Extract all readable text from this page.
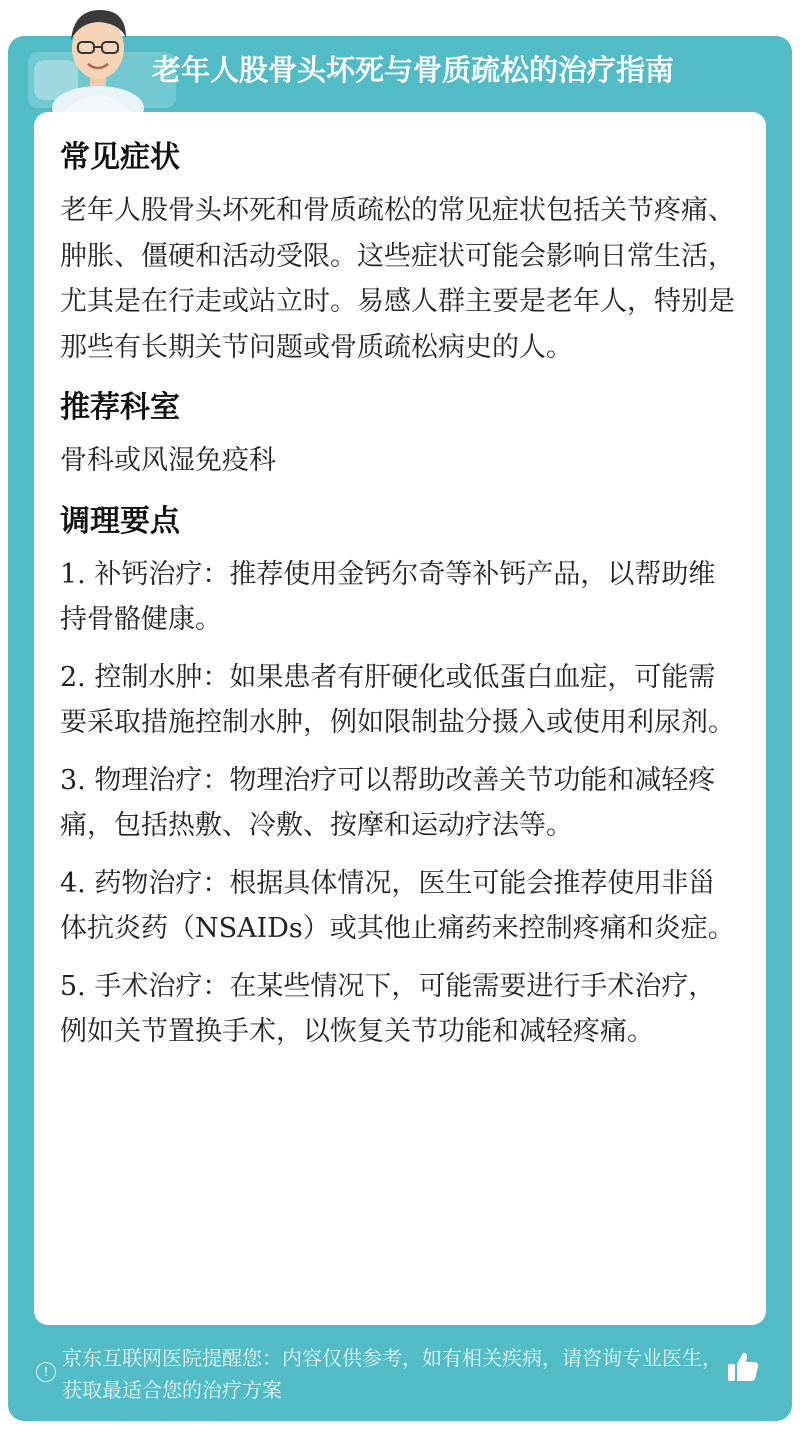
老年人股骨头坏死与骨质疏松的治疗指南
常见症状
老年人股骨头坏死和骨质疏松的常见症状包括关节疼痛、肿胀、僵硬和活动受限。这些症状可能会影响日常生活，尤其是在行走或站立时。易感人群主要是老年人，特别是那些有长期关节问题或骨质疏松病史的人。
推荐科室
骨科或风湿免疫科
调理要点
1. 补钙治疗：推荐使用金钙尔奇等补钙产品，以帮助维持骨骼健康。
2. 控制水肿：如果患者有肝硬化或低蛋白血症，可能需要采取措施控制水肿，例如限制盐分摄入或使用利尿剂。
3. 物理治疗：物理治疗可以帮助改善关节功能和减轻疼痛，包括热敷、冷敷、按摩和运动疗法等。
4. 药物治疗：根据具体情况，医生可能会推荐使用非甾体抗炎药（NSAIDs）或其他止痛药来控制疼痛和炎症。
5. 手术治疗：在某些情况下，可能需要进行手术治疗，例如关节置换手术，以恢复关节功能和减轻疼痛。
!
京东互联网医院提醒您：内容仅供参考，如有相关疾病，请咨询专业医生，获取最适合您的治疗方案
